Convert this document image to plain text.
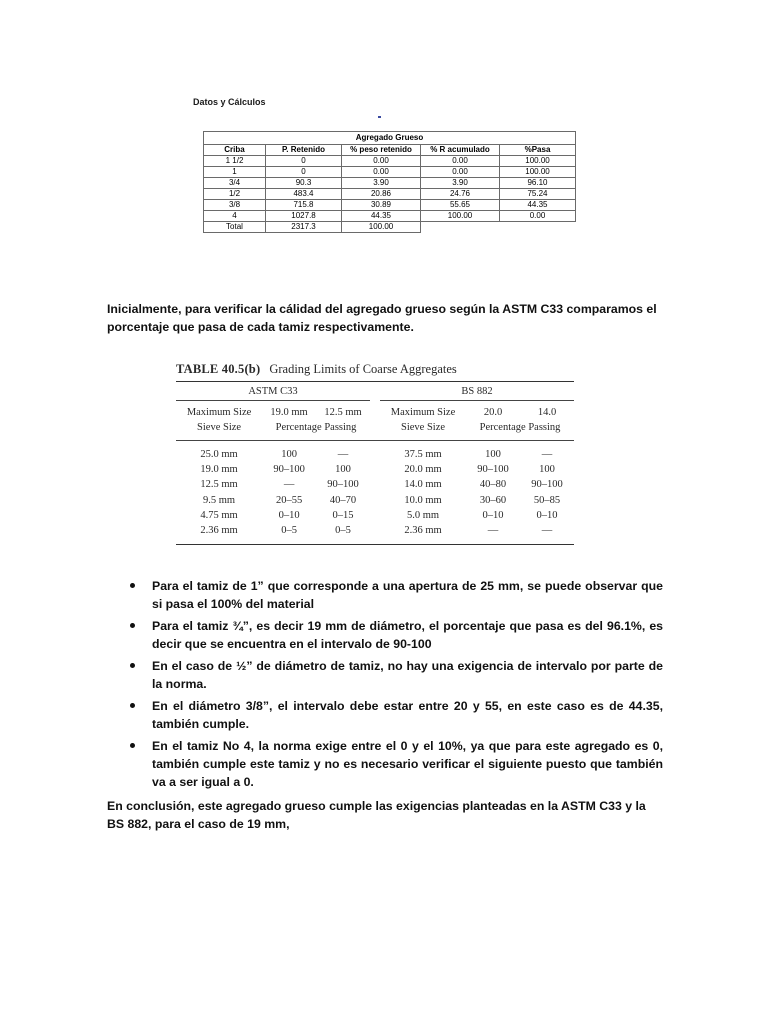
Datos y Cálculos
Agregado Grueso				
Criba	P. Retenido	% peso retenido	% R acumulado	%Pasa
1 1/2	0	0.00	0.00	100.00
1	0	0.00	0.00	100.00
3/4	90.3	3.90	3.90	96.10
1/2	483.4	20.86	24.76	75.24
3/8	715.8	30.89	55.65	44.35
4	1027.8	44.35	100.00	0.00
Total	2317.3	100.00		

Inicialmente, para verificar la cálidad del agregado grueso según la ASTM C33 comparamos el porcentaje que pasa de cada tamiz respectivamente.

TABLE 40.5(b) Grading Limits of Coarse Aggregates
ASTM C33				BS 882		
Maximum Size	19.0 mm	12.5 mm		Maximum Size	20.0	14.0
Sieve Size	Percentage Passing			Sieve Size	Percentage Passing	
25.0 mm	100	—		37.5 mm	100	—
19.0 mm	90–100	100		20.0 mm	90–100	100
12.5 mm	—	90–100		14.0 mm	40–80	90–100
9.5 mm	20–55	40–70		10.0 mm	30–60	50–85
4.75 mm	0–10	0–15		5.0 mm	0–10	0–10
2.36 mm	0–5	0–5		2.36 mm	—	—
Para el tamiz de 1” que corresponde a una apertura de 25 mm, se puede observar que si pasa el 100% del material
Para el tamiz ¾”, es decir 19 mm de diámetro, el porcentaje que pasa es del 96.1%, es decir que se encuentra en el intervalo de 90-100
En el caso de ½” de diámetro de tamiz, no hay una exigencia de intervalo por parte de la norma.
En el diámetro 3/8”, el intervalo debe estar entre 20 y 55, en este caso es de 44.35, también cumple.
En el tamiz No 4, la norma exige entre el 0 y el 10%, ya que para este agregado es 0, también cumple este tamiz y no es necesario verificar el siguiente puesto que también va a ser igual a 0.

En conclusión, este agregado grueso cumple las exigencias planteadas en la ASTM C33 y la BS 882, para el caso de 19 mm,
